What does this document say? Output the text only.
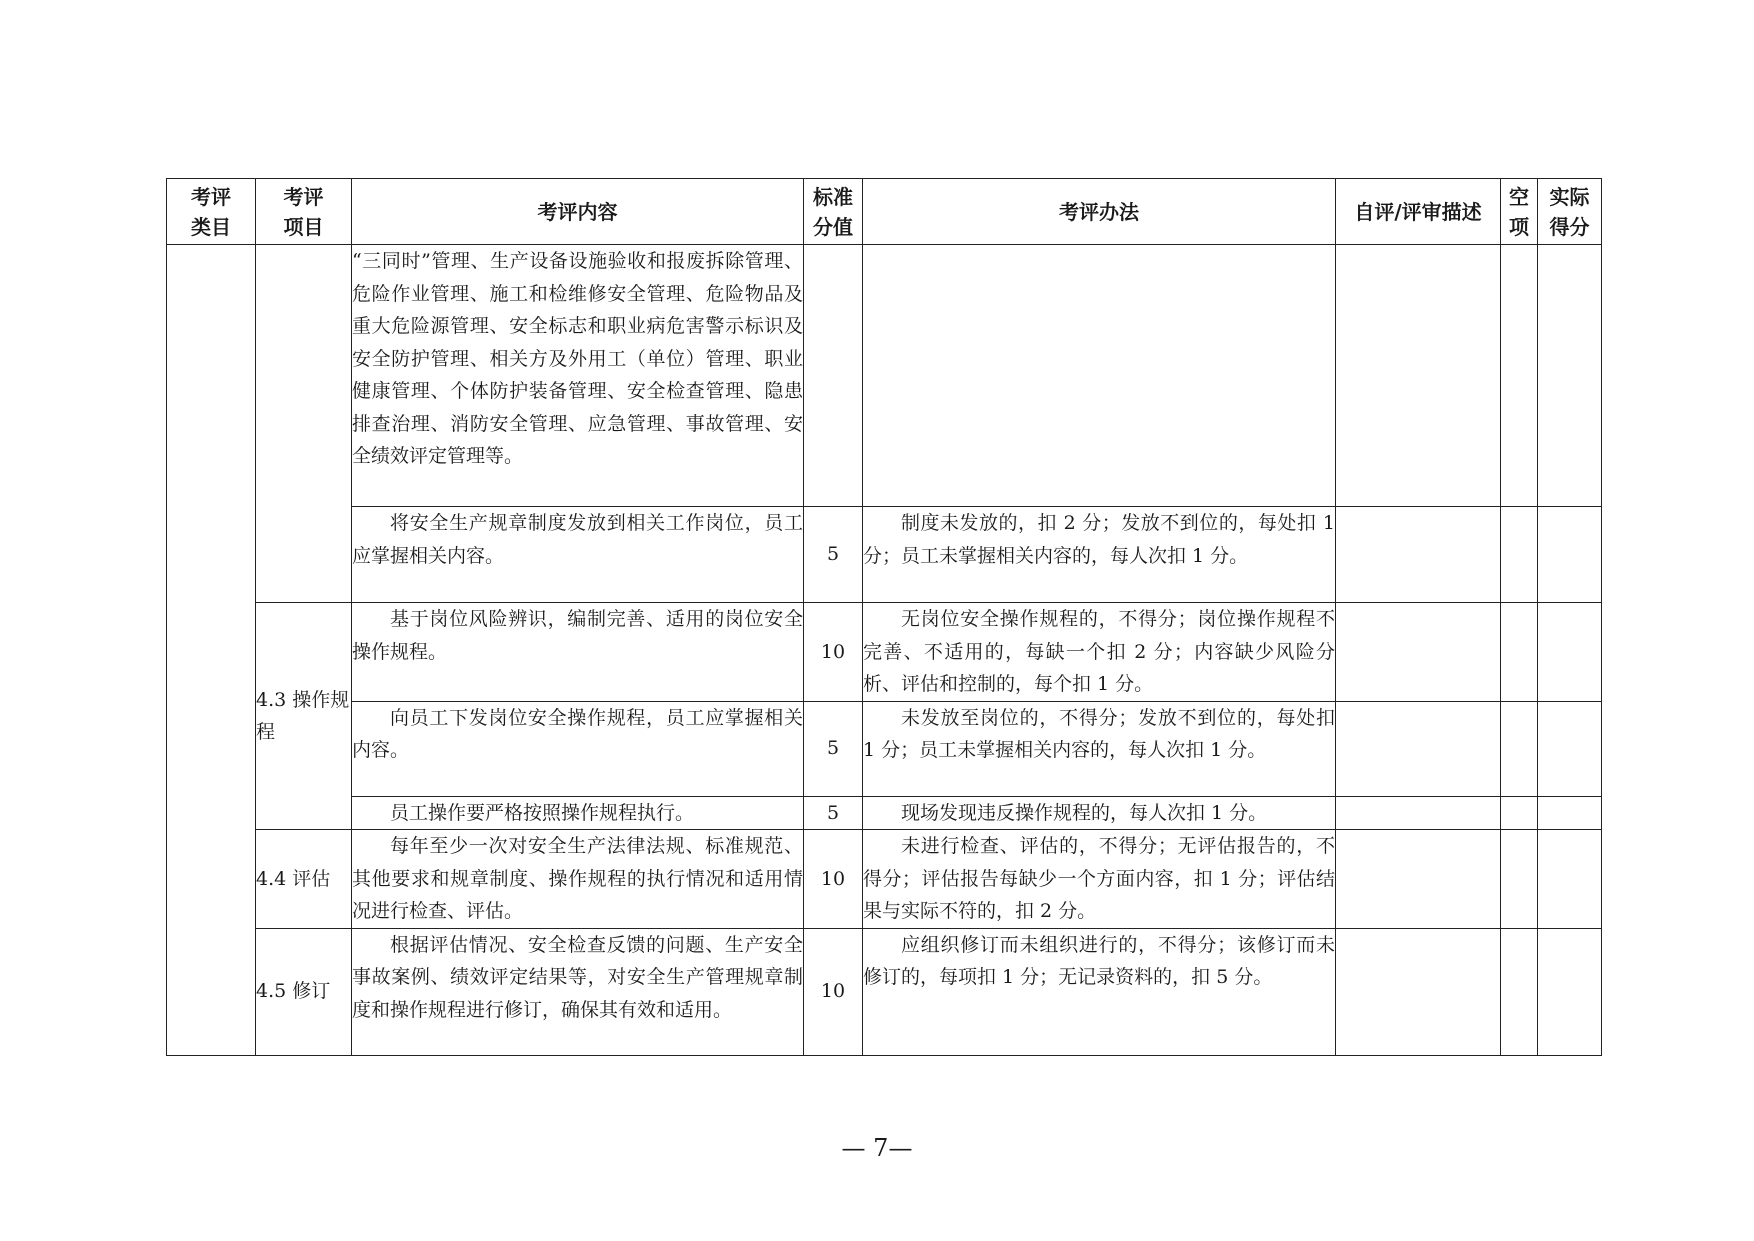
考评类目	考评项目	考评内容	标准分值	考评办法	自评/评审描述	空项	实际得分

		“三同时”管理、生产设备设施验收和报废拆除管理、危险作业管理、施工和检维修安全管理、危险物品及重大危险源管理、安全标志和职业病危害警示标识及安全防护管理、相关方及外用工（单位）管理、职业健康管理、个体防护装备管理、安全检查管理、隐患排查治理、消防安全管理、应急管理、事故管理、安全绩效评定管理等。					
		将安全生产规章制度发放到相关工作岗位，员工应掌握相关内容。	5	制度未发放的，扣 2 分；发放不到位的，每处扣 1 分；员工未掌握相关内容的，每人次扣 1 分。			
	4.3 操作规程	基于岗位风险辨识，编制完善、适用的岗位安全操作规程。	10	无岗位安全操作规程的，不得分；岗位操作规程不完善、不适用的，每缺一个扣 2 分；内容缺少风险分析、评估和控制的，每个扣 1 分。			
		向员工下发岗位安全操作规程，员工应掌握相关内容。	5	未发放至岗位的，不得分；发放不到位的，每处扣 1 分；员工未掌握相关内容的，每人次扣 1 分。			
		员工操作要严格按照操作规程执行。	5	现场发现违反操作规程的，每人次扣 1 分。			
	4.4 评估	每年至少一次对安全生产法律法规、标准规范、其他要求和规章制度、操作规程的执行情况和适用情况进行检查、评估。	10	未进行检查、评估的，不得分；无评估报告的，不得分；评估报告每缺少一个方面内容，扣 1 分；评估结果与实际不符的，扣 2 分。			
	4.5 修订	根据评估情况、安全检查反馈的问题、生产安全事故案例、绩效评定结果等，对安全生产管理规章制度和操作规程进行修订，确保其有效和适用。	10	应组织修订而未组织进行的，不得分；该修订而未修订的，每项扣 1 分；无记录资料的，扣 5 分。			
— 7—
